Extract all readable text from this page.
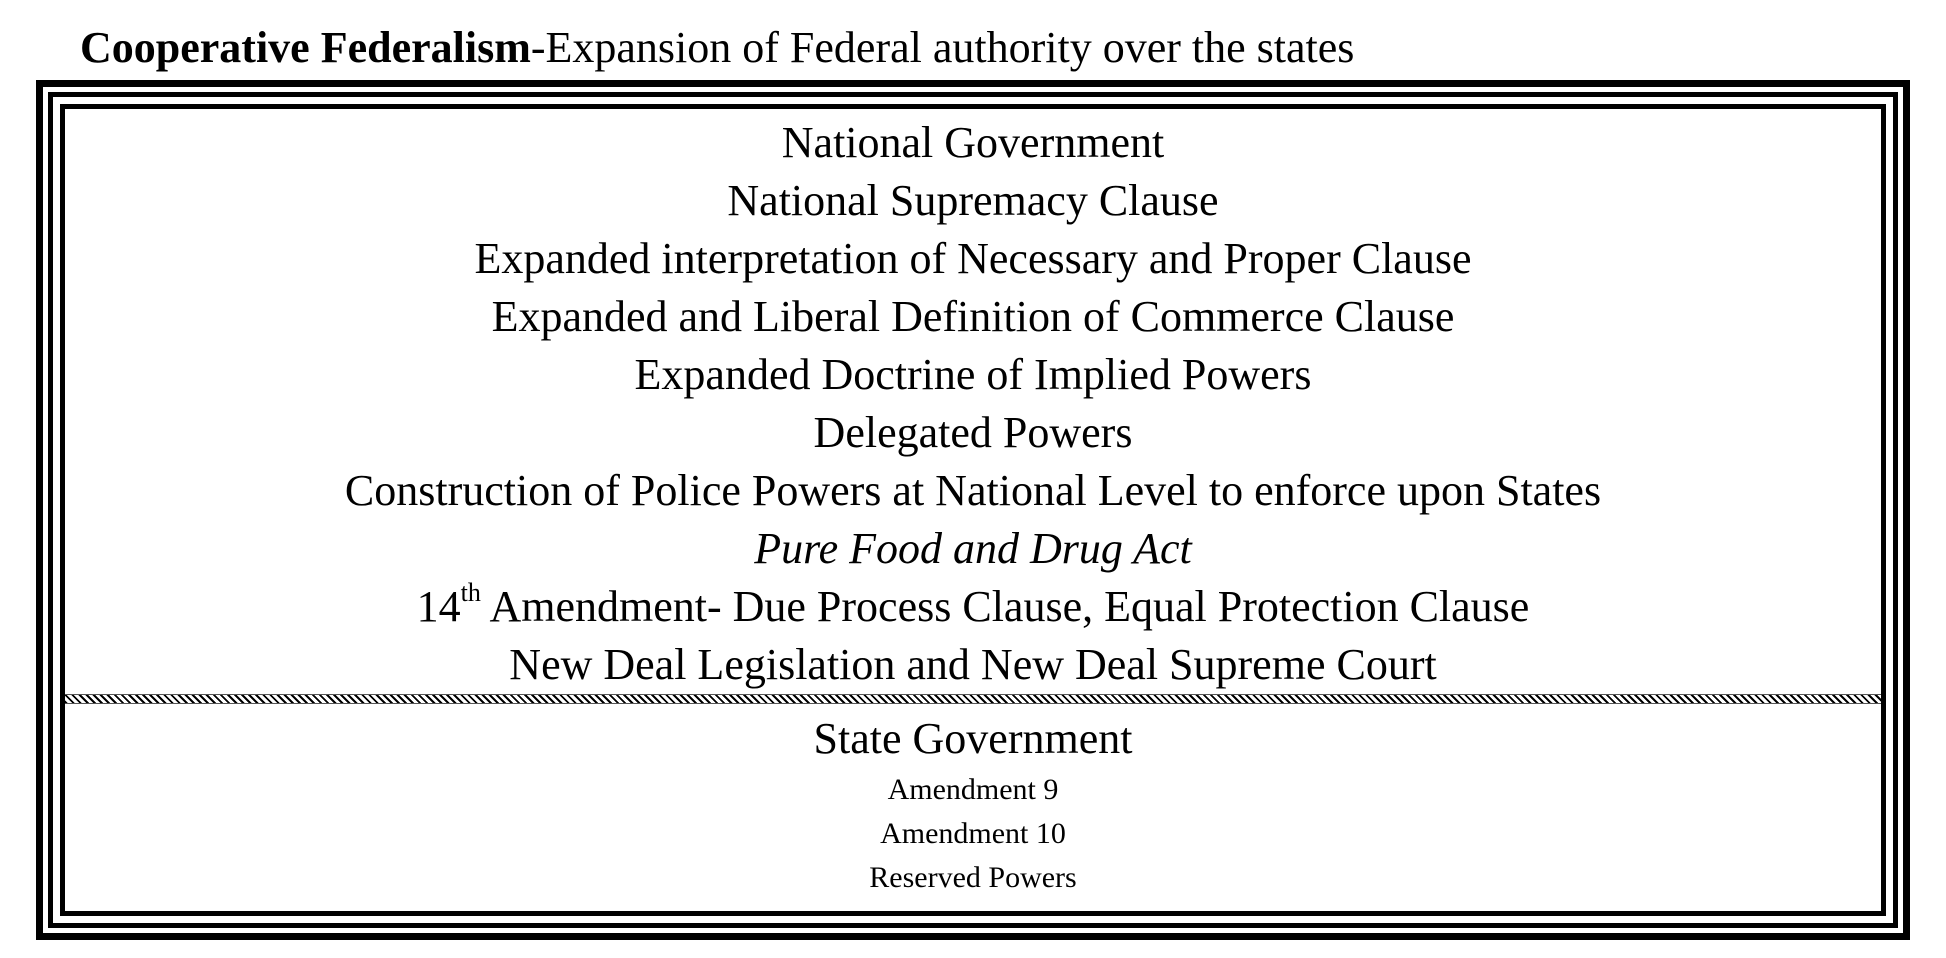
Cooperative Federalism-Expansion of Federal authority over the states
National Government
National Supremacy Clause
Expanded interpretation of Necessary and Proper Clause
Expanded and Liberal Definition of Commerce Clause
Expanded Doctrine of Implied Powers
Delegated Powers
Construction of Police Powers at National Level to enforce upon States
Pure Food and Drug Act
14th Amendment- Due Process Clause, Equal Protection Clause
New Deal Legislation and New Deal Supreme Court
State Government
Amendment 9
Amendment 10
Reserved Powers
